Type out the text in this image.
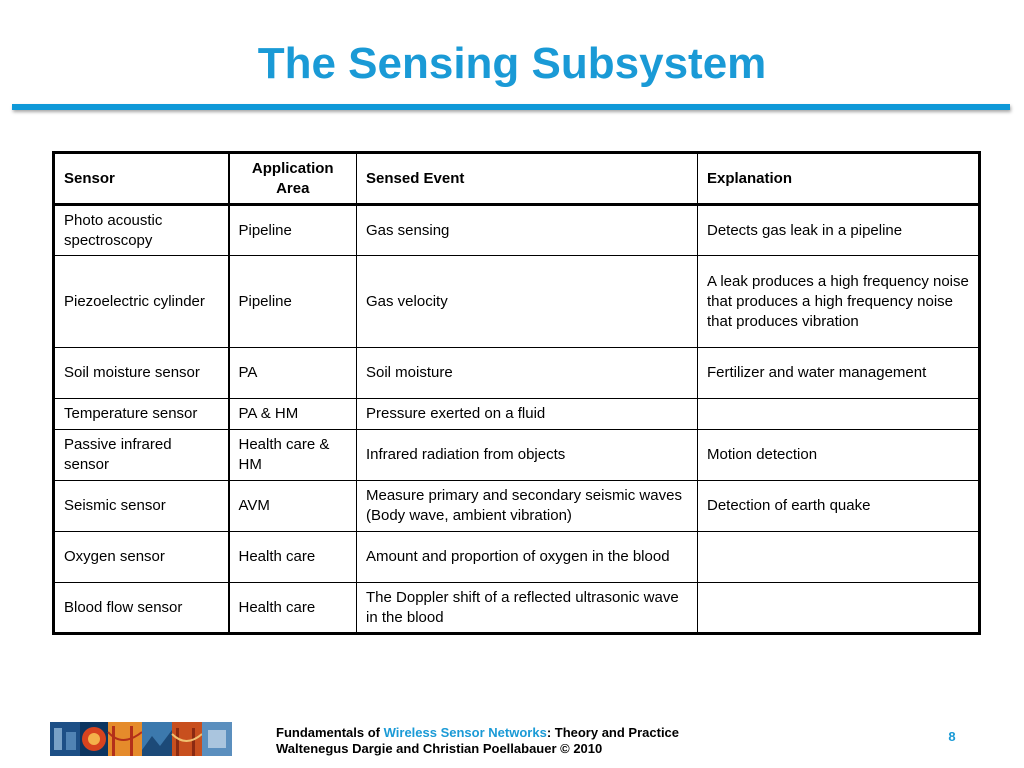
The Sensing Subsystem
Sensor	Application Area	Sensed Event	Explanation
Photo acoustic spectroscopy	Pipeline	Gas sensing	Detects gas leak in a pipeline
Piezoelectric cylinder	Pipeline	Gas velocity	A leak produces a high frequency noise that produces a high frequency noise that produces vibration
Soil moisture sensor	PA	Soil moisture	Fertilizer and water management
Temperature sensor	PA & HM	Pressure exerted on a fluid	
Passive infrared sensor	Health care & HM	Infrared radiation from objects	Motion detection
Seismic sensor	AVM	Measure primary and secondary seismic waves (Body wave, ambient vibration)	Detection of earth quake
Oxygen sensor	Health care	Amount and proportion of oxygen in the blood	
Blood flow sensor	Health care	The Doppler shift of a reflected ultrasonic wave in the blood	
Fundamentals of Wireless Sensor Networks: Theory and Practice
Waltenegus Dargie and Christian Poellabauer © 2010
8
